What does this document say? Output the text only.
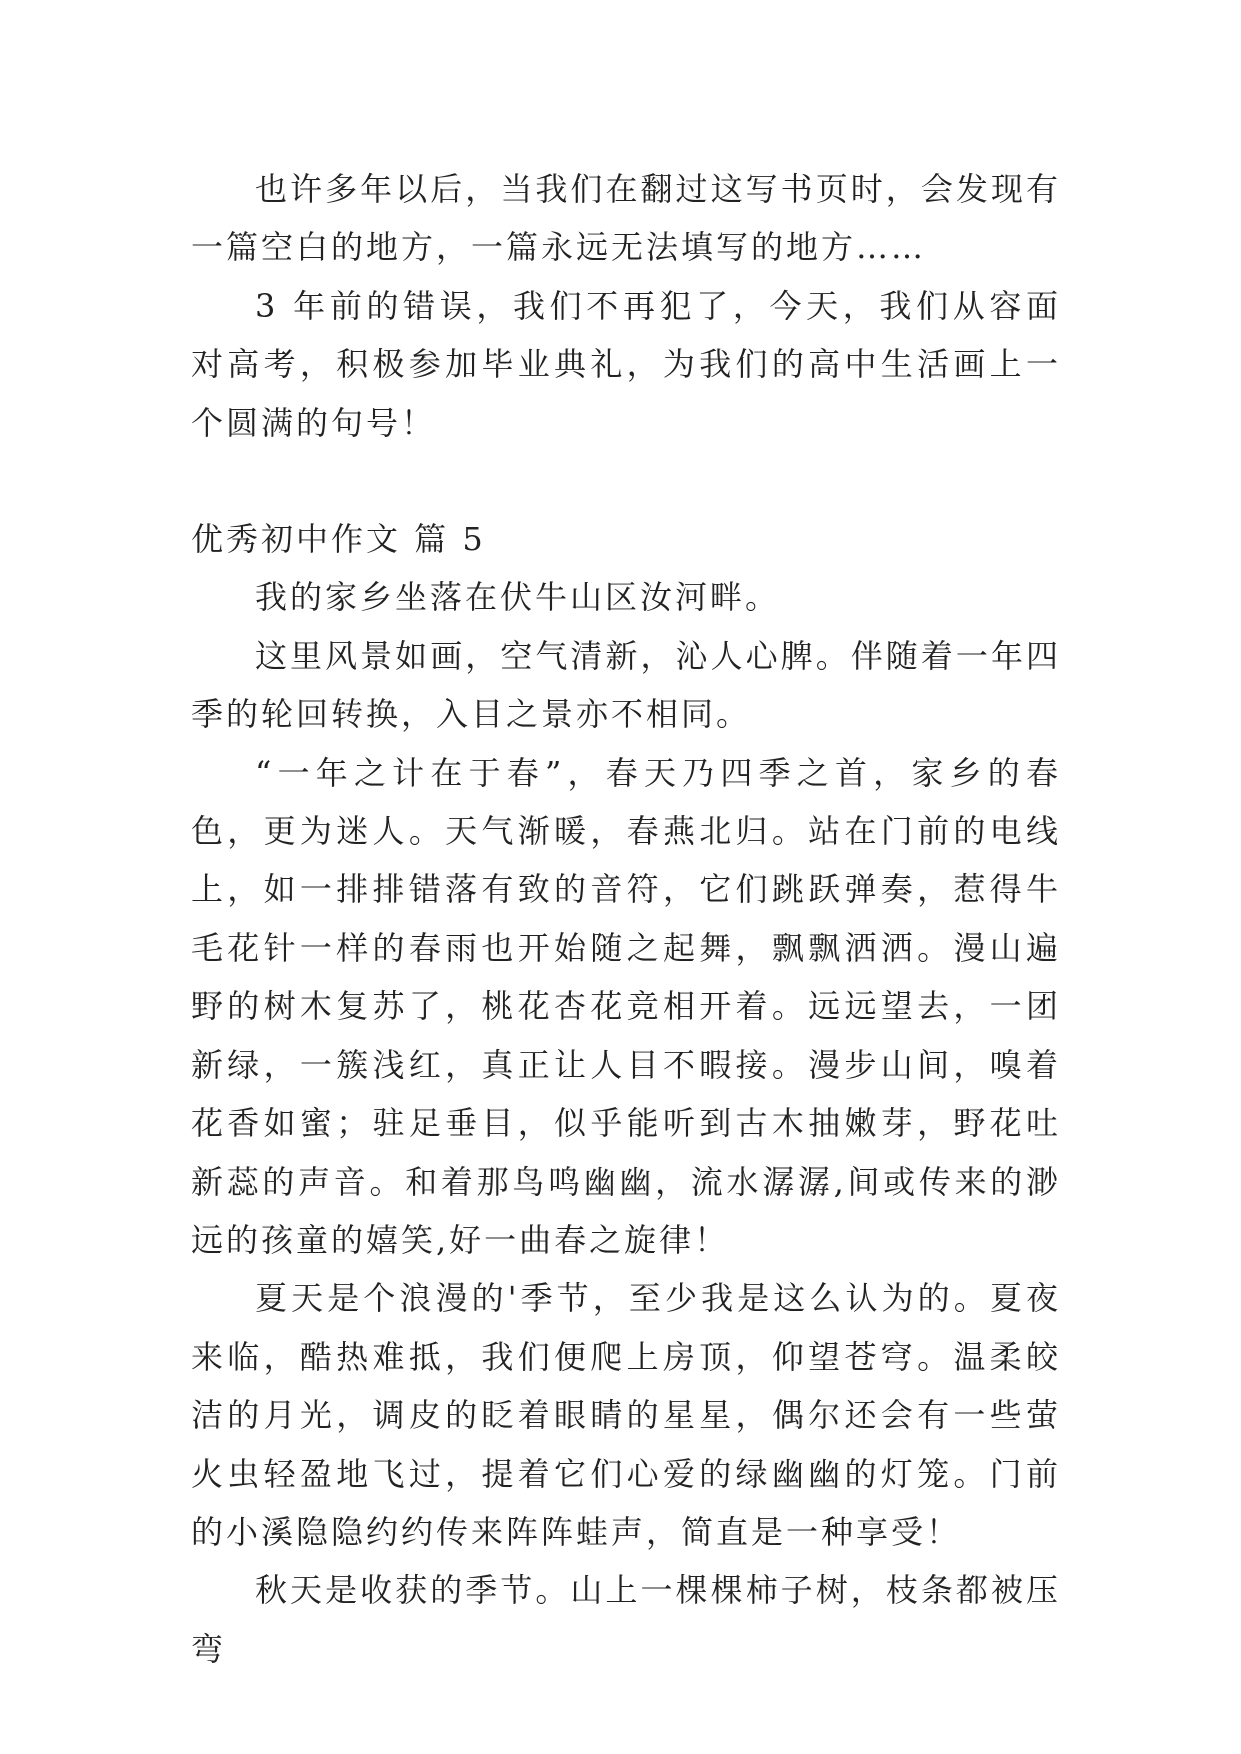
也许多年以后，当我们在翻过这写书页时，会发现有一篇空白的地方，一篇永远无法填写的地方……

3 年前的错误，我们不再犯了，今天，我们从容面对高考，积极参加毕业典礼，为我们的高中生活画上一个圆满的句号！

优秀初中作文 篇 5

我的家乡坐落在伏牛山区汝河畔。

这里风景如画，空气清新，沁人心脾。伴随着一年四季的轮回转换，入目之景亦不相同。

“一年之计在于春”，春天乃四季之首，家乡的春色，更为迷人。天气渐暖，春燕北归。站在门前的电线上，如一排排错落有致的音符，它们跳跃弹奏，惹得牛毛花针一样的春雨也开始随之起舞，飘飘洒洒。漫山遍野的树木复苏了，桃花杏花竞相开着。远远望去，一团新绿，一簇浅红，真正让人目不暇接。漫步山间，嗅着花香如蜜；驻足垂目，似乎能听到古木抽嫩芽，野花吐新蕊的声音。和着那鸟鸣幽幽，流水潺潺,间或传来的渺远的孩童的嬉笑,好一曲春之旋律！

夏天是个浪漫的'季节，至少我是这么认为的。夏夜来临，酷热难抵，我们便爬上房顶，仰望苍穹。温柔皎洁的月光，调皮的眨着眼睛的星星，偶尔还会有一些萤火虫轻盈地飞过，提着它们心爱的绿幽幽的灯笼。门前的小溪隐隐约约传来阵阵蛙声，简直是一种享受！

秋天是收获的季节。山上一棵棵柿子树，枝条都被压弯
